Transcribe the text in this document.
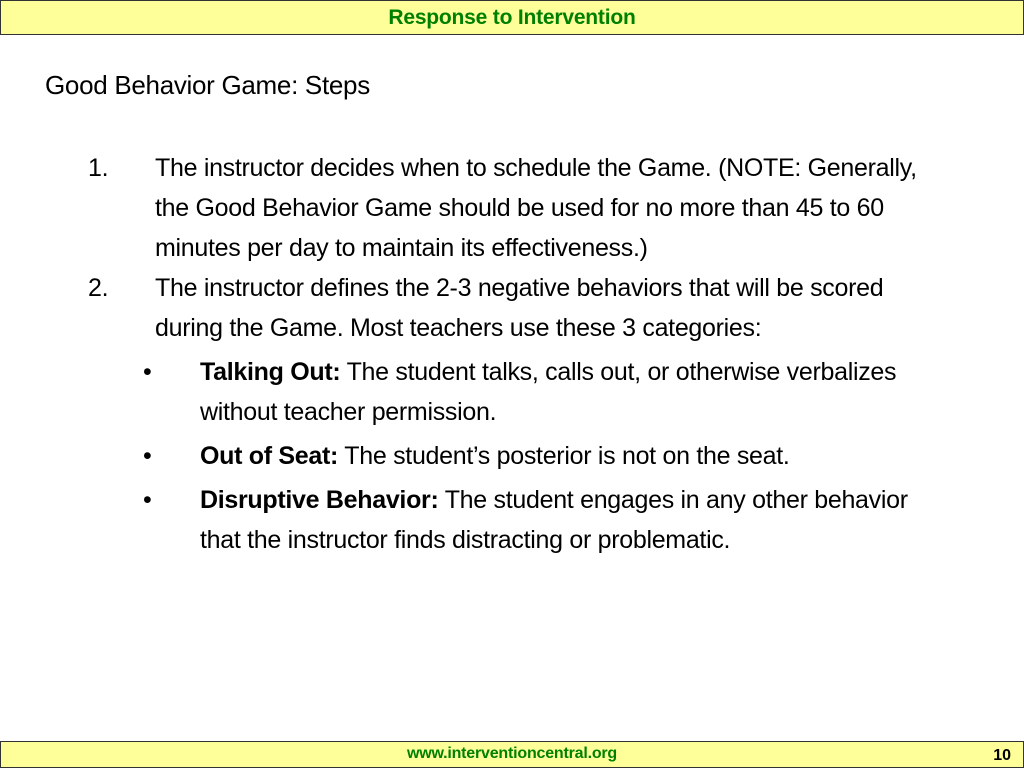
Response to Intervention
Good Behavior Game: Steps
1. The instructor decides when to schedule the Game. (NOTE: Generally, the Good Behavior Game should be used for no more than 45 to 60 minutes per day to maintain its effectiveness.)
2. The instructor defines the 2-3 negative behaviors that will be scored during the Game. Most teachers use these 3 categories:
• Talking Out: The student talks, calls out, or otherwise verbalizes without teacher permission.
• Out of Seat: The student’s posterior is not on the seat.
• Disruptive Behavior: The student engages in any other behavior that the instructor finds distracting or problematic.
www.interventioncentral.org	10
